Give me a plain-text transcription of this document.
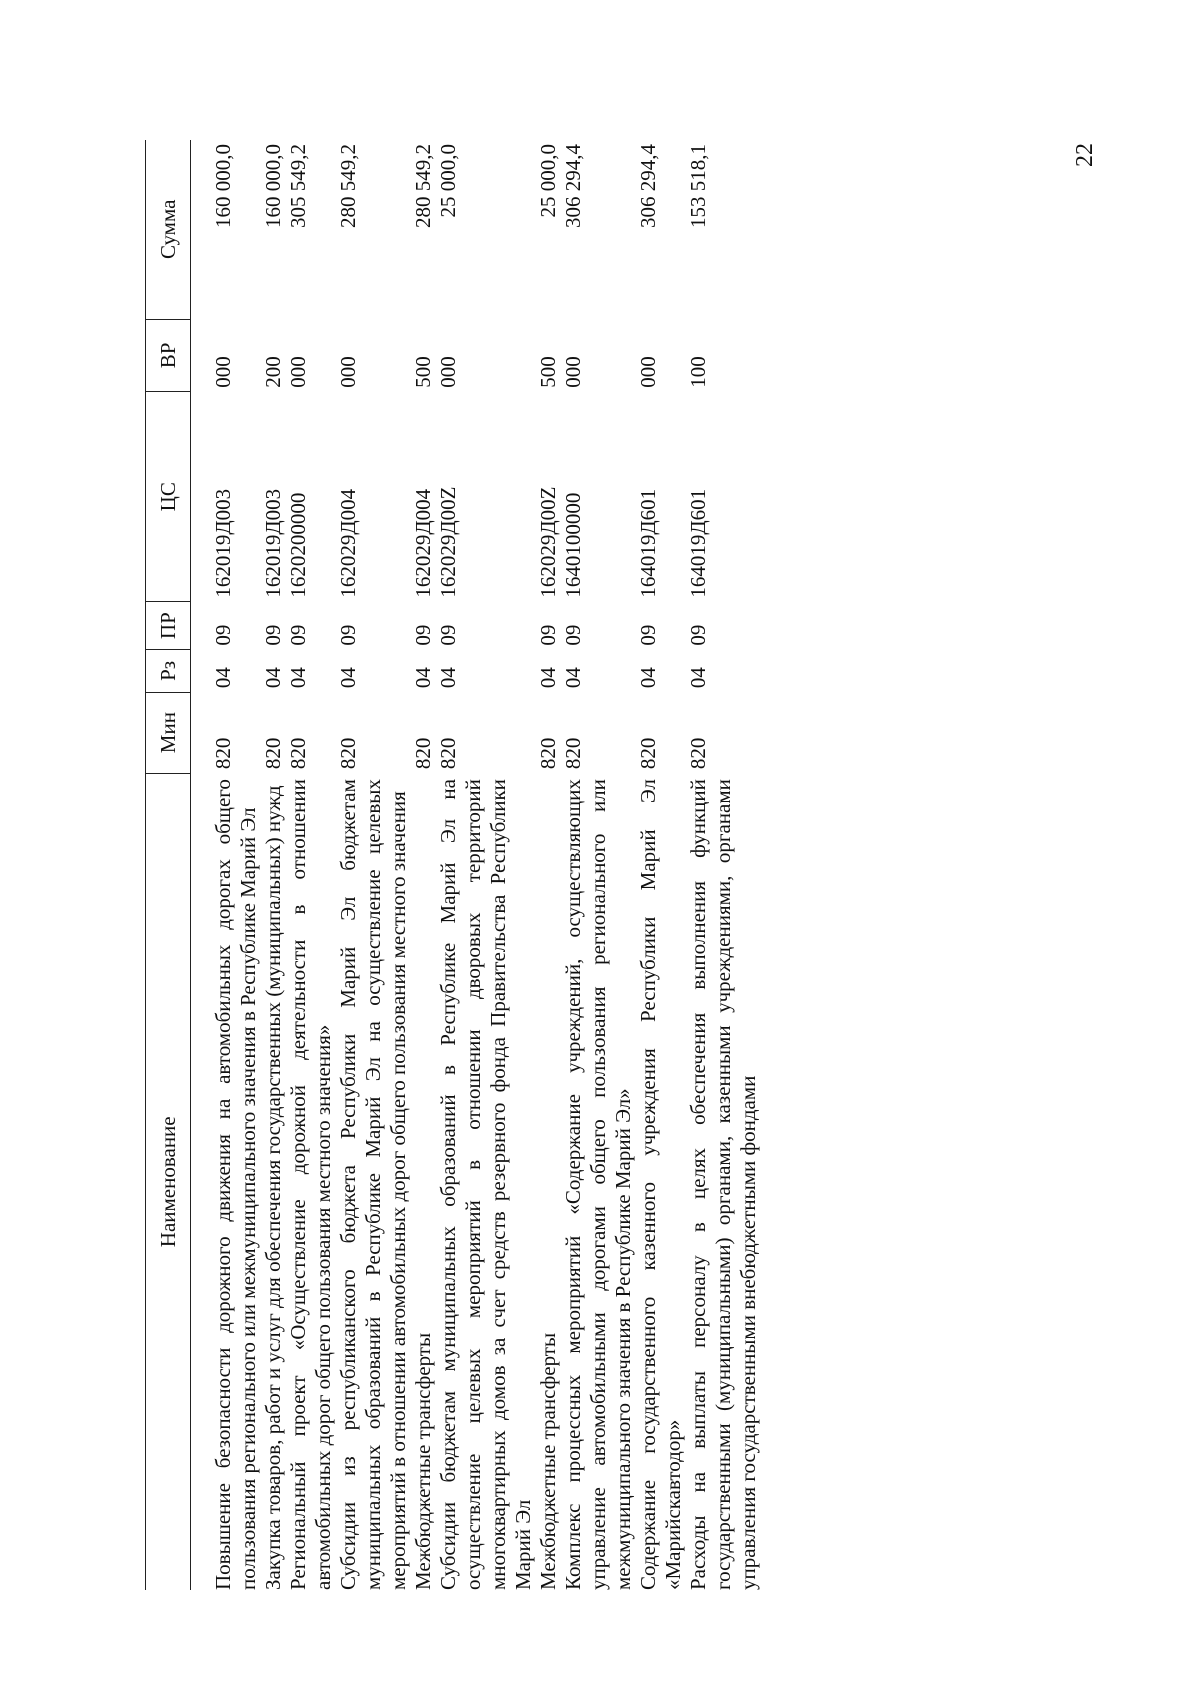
22
Наименование	Мин	Рз	ПР	ЦС	ВР	Сумма
Повышение безопасности дорожного движения на автомобильных дорогах общего пользования регионального или межмуниципального значения в Республике Марий Эл	820	04	09	162019Д003	000	160 000,0
Закупка товаров, работ и услуг для обеспечения государственных (муниципальных) нужд	820	04	09	162019Д003	200	160 000,0
Региональный проект «Осуществление дорожной деятельности в отношении автомобильных дорог общего пользования местного значения»	820	04	09	1620200000	000	305 549,2
Субсидии из республиканского бюджета Республики Марий Эл бюджетам муниципальных образований в Республике Марий Эл на осуществление целевых мероприятий в отношении автомобильных дорог общего пользования местного значения	820	04	09	162029Д004	000	280 549,2
Межбюджетные трансферты	820	04	09	162029Д004	500	280 549,2
Субсидии бюджетам муниципальных образований в Республике Марий Эл на осуществление целевых мероприятий в отношении дворовых территорий многоквартирных домов за счет средств резервного фонда Правительства Республики Марий Эл	820	04	09	162029Д00Z	000	25 000,0
Межбюджетные трансферты	820	04	09	162029Д00Z	500	25 000,0
Комплекс процессных мероприятий «Содержание учреждений, осуществляющих управление автомобильными дорогами общего пользования регионального или межмуниципального значения в Республике Марий Эл»	820	04	09	1640100000	000	306 294,4
Содержание государственного казенного учреждения Республики Марий Эл «Марийскавтодор»	820	04	09	164019Д601	000	306 294,4
Расходы на выплаты персоналу в целях обеспечения выполнения функций государственными (муниципальными) органами, казенными учреждениями, органами управления государственными внебюджетными фондами	820	04	09	164019Д601	100	153 518,1
